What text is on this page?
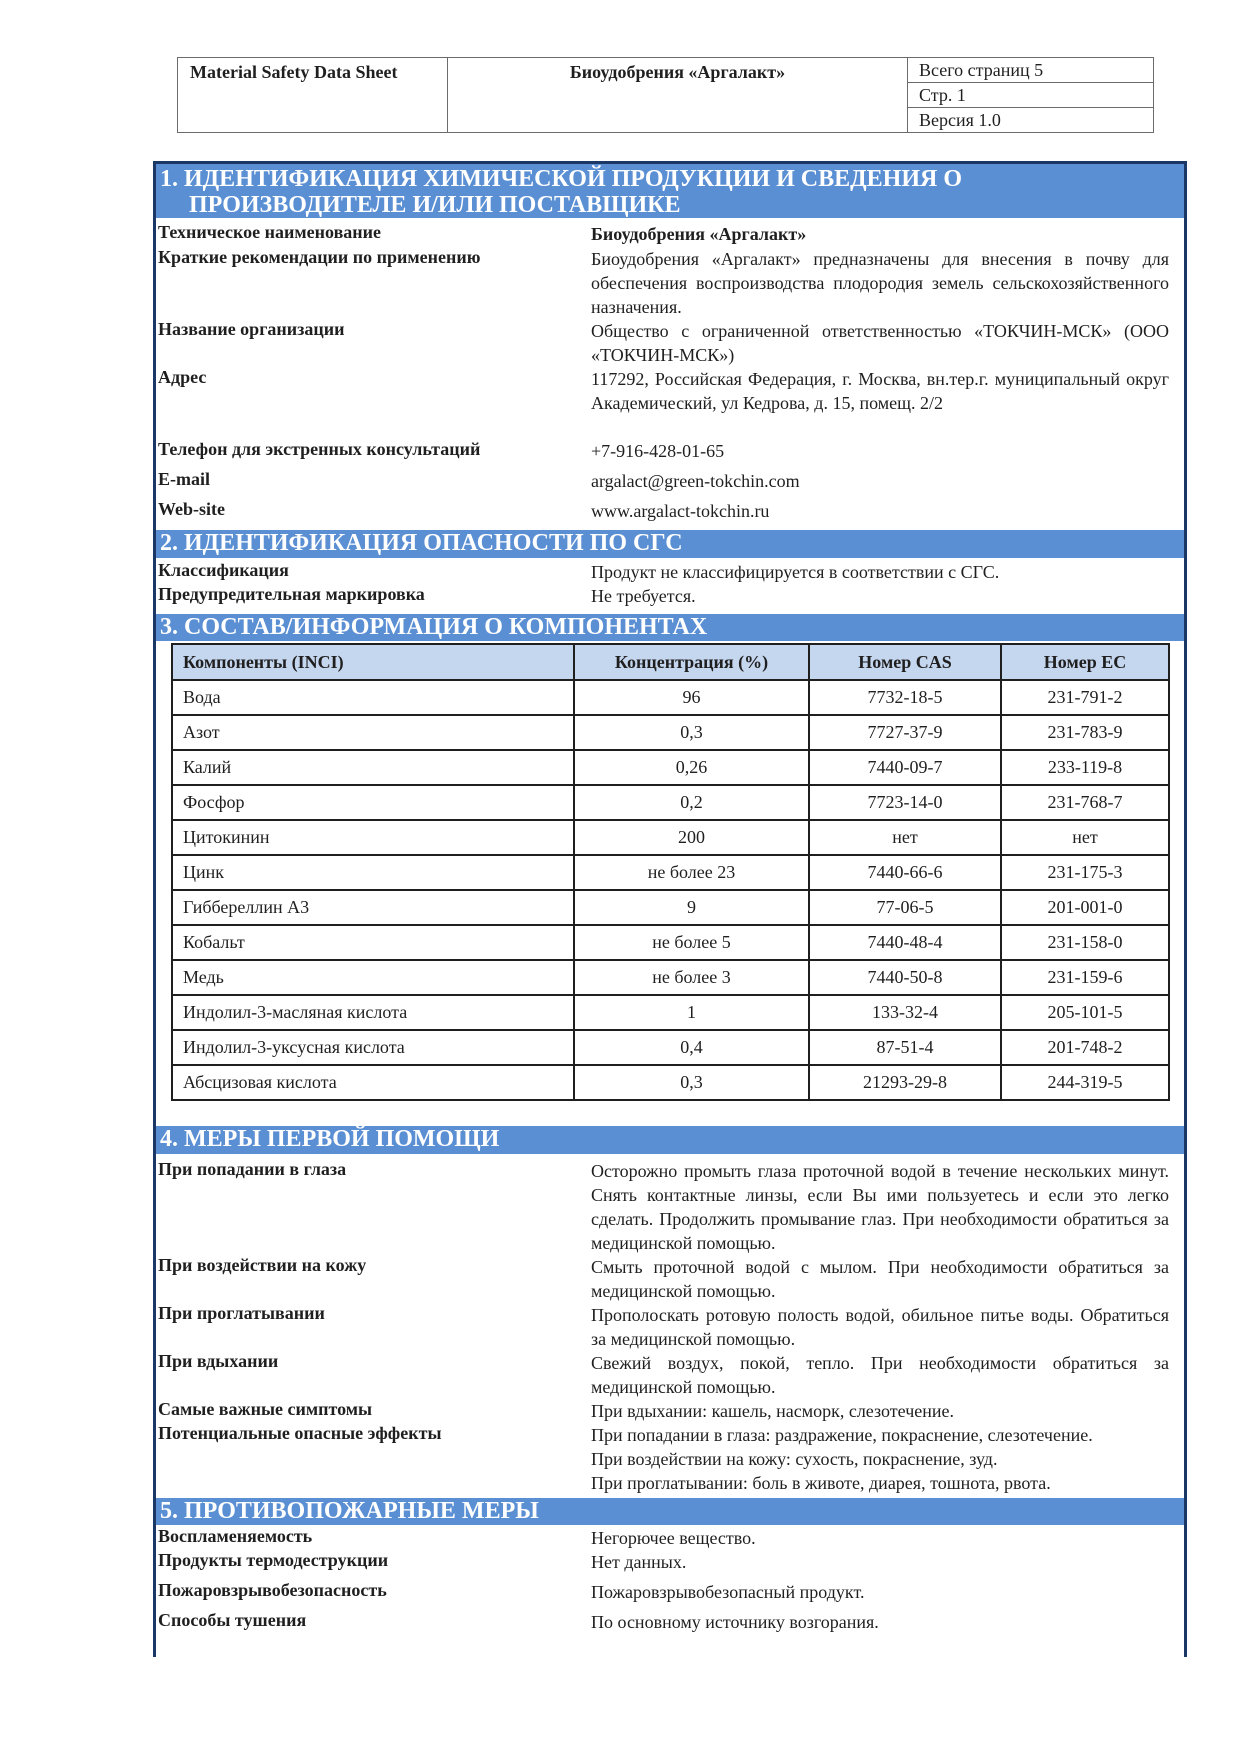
Material Safety Data Sheet	Биоудобрения «Аргалакт»	Всего страниц 5
Стр. 1
Версия 1.0
1. ИДЕНТИФИКАЦИЯ ХИМИЧЕСКОЙ ПРОДУКЦИИ И СВЕДЕНИЯ О
ПРОИЗВОДИТЕЛЕ И/ИЛИ ПОСТАВЩИКЕ
Техническое наименование	Биоудобрения «Аргалакт»
Краткие рекомендации по применению	Биоудобрения «Аргалакт» предназначены для внесения в почву для обеспечения воспроизводства плодородия земель сельскохозяйственного назначения.
Название организации	Общество с ограниченной ответственностью «ТОКЧИН-МСК» (ООО «ТОКЧИН-МСК»)
Адрес	117292, Российская Федерация, г. Москва, вн.тер.г. муниципальный округ Академический, ул Кедрова, д. 15, помещ. 2/2
Телефон для экстренных консультаций	+7-916-428-01-65
E-mail	argalact@green-tokchin.com
Web-site	www.argalact-tokchin.ru
2. ИДЕНТИФИКАЦИЯ ОПАСНОСТИ ПО СГС
Классификация	Продукт не классифицируется в соответствии с СГС.
Предупредительная маркировка	Не требуется.
3. СОСТАВ/ИНФОРМАЦИЯ О КОМПОНЕНТАХ
Компоненты (INCI)	Концентрация (%)	Номер CAS	Номер ЕС
Вода	96	7732-18-5	231-791-2
Азот	0,3	7727-37-9	231-783-9
Калий	0,26	7440-09-7	233-119-8
Фосфор	0,2	7723-14-0	231-768-7
Цитокинин	200	нет	нет
Цинк	не более 23	7440-66-6	231-175-3
Гиббереллин А3	9	77-06-5	201-001-0
Кобальт	не более 5	7440-48-4	231-158-0
Медь	не более 3	7440-50-8	231-159-6
Индолил-3-масляная кислота	1	133-32-4	205-101-5
Индолил-3-уксусная кислота	0,4	87-51-4	201-748-2
Абсцизовая кислота	0,3	21293-29-8	244-319-5
4. МЕРЫ ПЕРВОЙ ПОМОЩИ
При попадании в глаза	Осторожно промыть глаза проточной водой в течение нескольких минут. Снять контактные линзы, если Вы ими пользуетесь и если это легко сделать. Продолжить промывание глаз. При необходимости обратиться за медицинской помощью.
При воздействии на кожу	Смыть проточной водой с мылом. При необходимости обратиться за медицинской помощью.
При проглатывании	Прополоскать ротовую полость водой, обильное питье воды. Обратиться за медицинской помощью.
При вдыхании	Свежий воздух, покой, тепло. При необходимости обратиться за медицинской помощью.
Самые важные симптомы	При вдыхании: кашель, насморк, слезотечение.
Потенциальные опасные эффекты	При попадании в глаза: раздражение, покраснение, слезотечение.
При воздействии на кожу: сухость, покраснение, зуд.
При проглатывании: боль в животе, диарея, тошнота, рвота.
5. ПРОТИВОПОЖАРНЫЕ МЕРЫ
Воспламеняемость	Негорючее вещество.
Продукты термодеструкции	Нет данных.
Пожаровзрывобезопасность	Пожаровзрывобезопасный продукт.
Способы тушения	По основному источнику возгорания.
